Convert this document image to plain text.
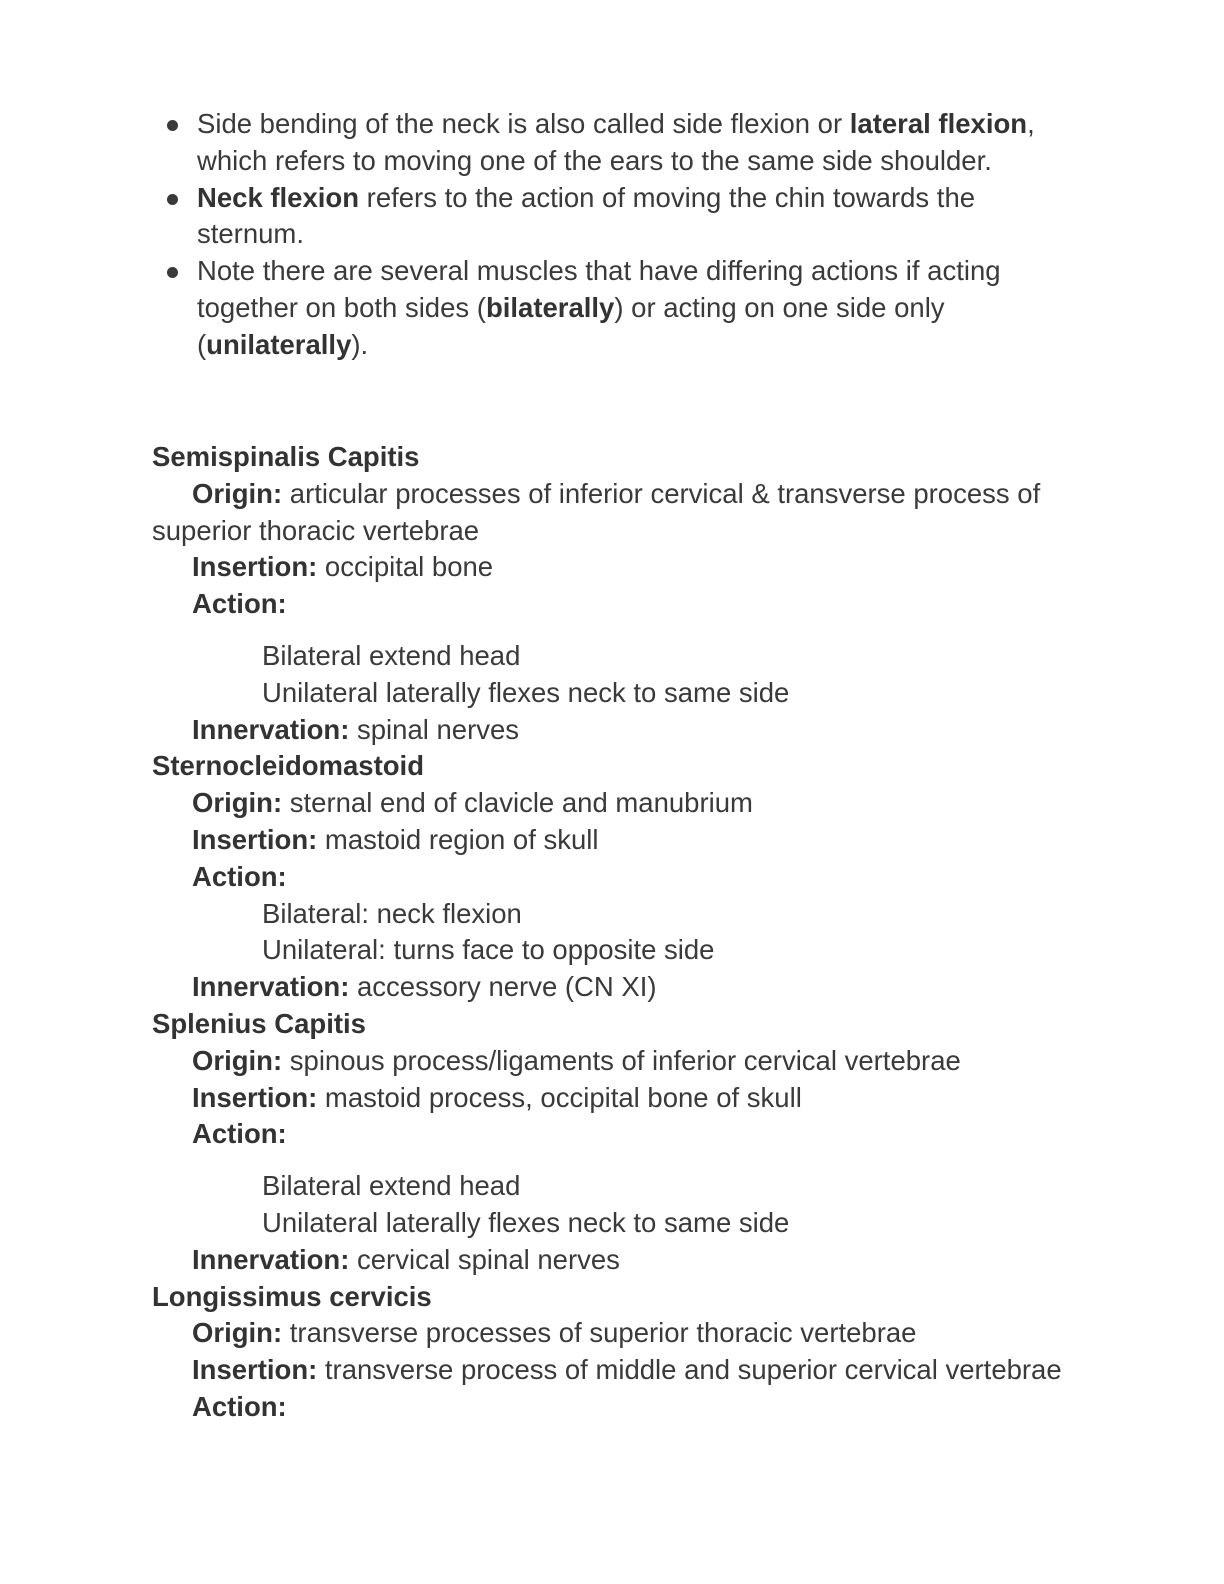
Side bending of the neck is also called side flexion or lateral flexion, which refers to moving one of the ears to the same side shoulder.
Neck flexion refers to the action of moving the chin towards the sternum.
Note there are several muscles that have differing actions if acting together on both sides (bilaterally) or acting on one side only (unilaterally).
Semispinalis Capitis
Origin: articular processes of inferior cervical & transverse process of superior thoracic vertebrae
Insertion: occipital bone
Action:
Bilateral extend head
Unilateral laterally flexes neck to same side
Innervation: spinal nerves
Sternocleidomastoid
Origin: sternal end of clavicle and manubrium
Insertion: mastoid region of skull
Action:
Bilateral: neck flexion
Unilateral: turns face to opposite side
Innervation: accessory nerve (CN XI)
Splenius Capitis
Origin: spinous process/ligaments of inferior cervical vertebrae
Insertion: mastoid process, occipital bone of skull
Action:
Bilateral extend head
Unilateral laterally flexes neck to same side
Innervation: cervical spinal nerves
Longissimus cervicis
Origin: transverse processes of superior thoracic vertebrae
Insertion: transverse process of middle and superior cervical vertebrae
Action:
